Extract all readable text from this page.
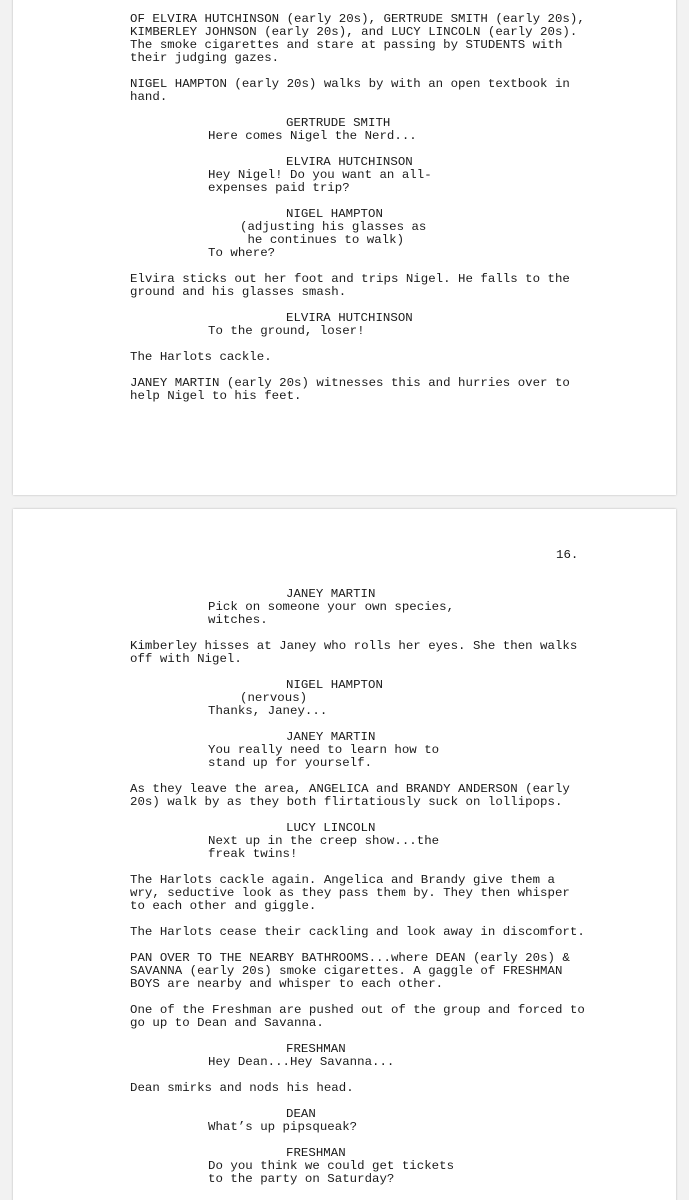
OF ELVIRA HUTCHINSON (early 20s), GERTRUDE SMITH (early 20s),

KIMBERLEY JOHNSON (early 20s), and LUCY LINCOLN (early 20s).

The smoke cigarettes and stare at passing by STUDENTS with

their judging gazes.

NIGEL HAMPTON (early 20s) walks by with an open textbook in

hand.

GERTRUDE SMITH

Here comes Nigel the Nerd...

ELVIRA HUTCHINSON

Hey Nigel! Do you want an all-

expenses paid trip?

NIGEL HAMPTON

(adjusting his glasses as

he continues to walk)

To where?

Elvira sticks out her foot and trips Nigel. He falls to the

ground and his glasses smash.

ELVIRA HUTCHINSON

To the ground, loser!

The Harlots cackle.

JANEY MARTIN (early 20s) witnesses this and hurries over to

help Nigel to his feet.

16.

JANEY MARTIN

Pick on someone your own species,

witches.

Kimberley hisses at Janey who rolls her eyes. She then walks

off with Nigel.

NIGEL HAMPTON

(nervous)

Thanks, Janey...

JANEY MARTIN

You really need to learn how to

stand up for yourself.

As they leave the area, ANGELICA and BRANDY ANDERSON (early

20s) walk by as they both flirtatiously suck on lollipops.

LUCY LINCOLN

Next up in the creep show...the

freak twins!

The Harlots cackle again. Angelica and Brandy give them a

wry, seductive look as they pass them by. They then whisper

to each other and giggle.

The Harlots cease their cackling and look away in discomfort.

PAN OVER TO THE NEARBY BATHROOMS...where DEAN (early 20s) &

SAVANNA (early 20s) smoke cigarettes. A gaggle of FRESHMAN

BOYS are nearby and whisper to each other.

One of the Freshman are pushed out of the group and forced to

go up to Dean and Savanna.

FRESHMAN

Hey Dean...Hey Savanna...

Dean smirks and nods his head.

DEAN

What’s up pipsqueak?

FRESHMAN

Do you think we could get tickets

to the party on Saturday?
